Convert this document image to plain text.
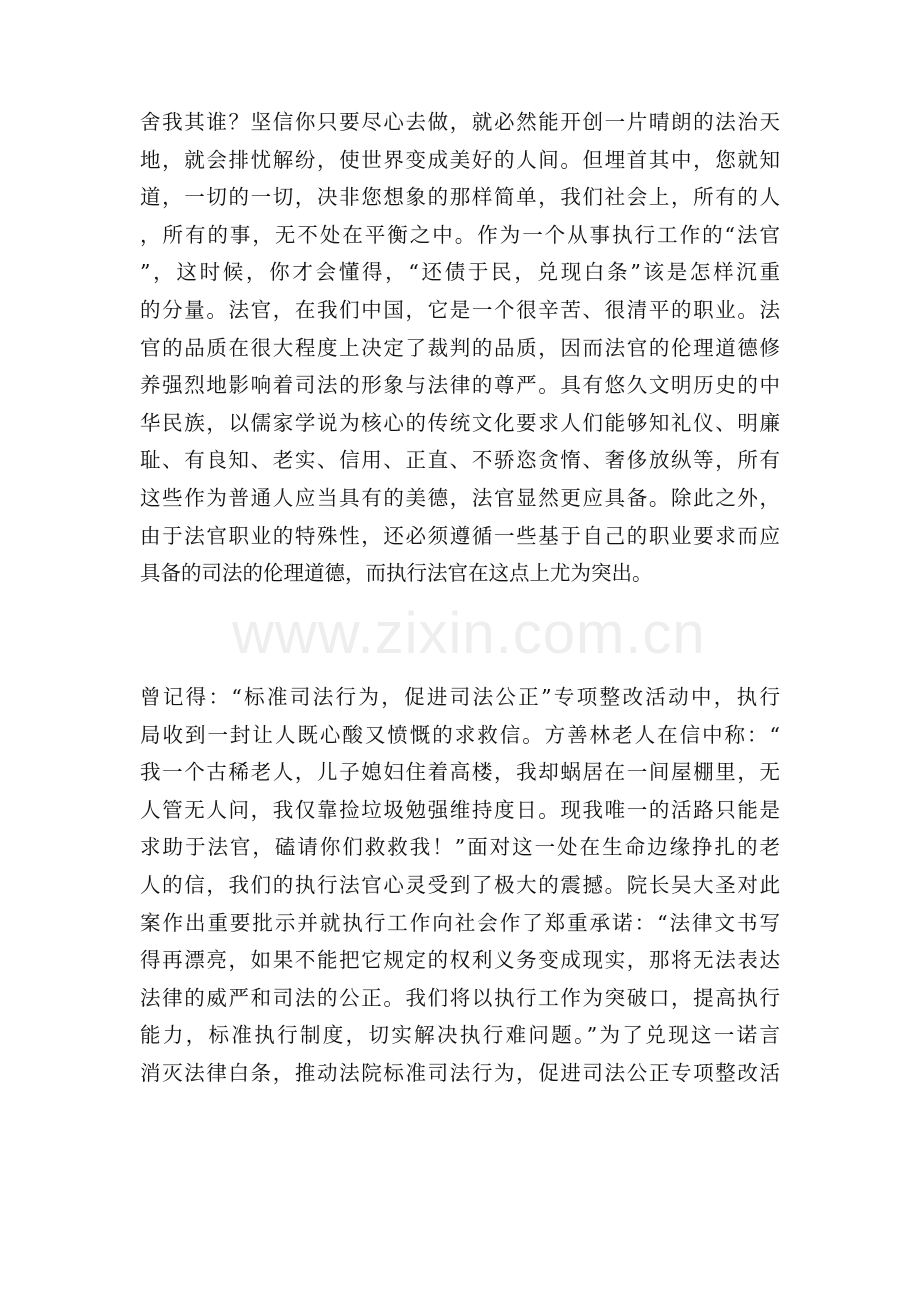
舍我其谁？坚信你只要尽心去做，就必然能开创一片晴朗的法治天
地，就会排忧解纷，使世界变成美好的人间。但埋首其中，您就知
道，一切的一切，决非您想象的那样简单，我们社会上，所有的人
，所有的事，无不处在平衡之中。作为一个从事执行工作的“法官
”，这时候，你才会懂得，“还债于民，兑现白条”该是怎样沉重
的分量。法官，在我们中国，它是一个很辛苦、很清平的职业。法
官的品质在很大程度上决定了裁判的品质，因而法官的伦理道德修
养强烈地影响着司法的形象与法律的尊严。具有悠久文明历史的中
华民族，以儒家学说为核心的传统文化要求人们能够知礼仪、明廉
耻、有良知、老实、信用、正直、不骄恣贪惰、奢侈放纵等，所有
这些作为普通人应当具有的美德，法官显然更应具备。除此之外，
由于法官职业的特殊性，还必须遵循一些基于自己的职业要求而应
具备的司法的伦理道德，而执行法官在这点上尤为突出。
www.zixin.com.cn
曾记得：“标准司法行为，促进司法公正”专项整改活动中，执行
局收到一封让人既心酸又愤慨的求救信。方善林老人在信中称：“
我一个古稀老人，儿子媳妇住着高楼，我却蜗居在一间屋棚里，无
人管无人问，我仅靠捡垃圾勉强维持度日。现我唯一的活路只能是
求助于法官，磕请你们救救我！”面对这一处在生命边缘挣扎的老
人的信，我们的执行法官心灵受到了极大的震撼。院长吴大圣对此
案作出重要批示并就执行工作向社会作了郑重承诺：“法律文书写
得再漂亮，如果不能把它规定的权利义务变成现实，那将无法表达
法律的威严和司法的公正。我们将以执行工作为突破口，提高执行
能力，标准执行制度，切实解决执行难问题。”为了兑现这一诺言
消灭法律白条，推动法院标准司法行为，促进司法公正专项整改活
